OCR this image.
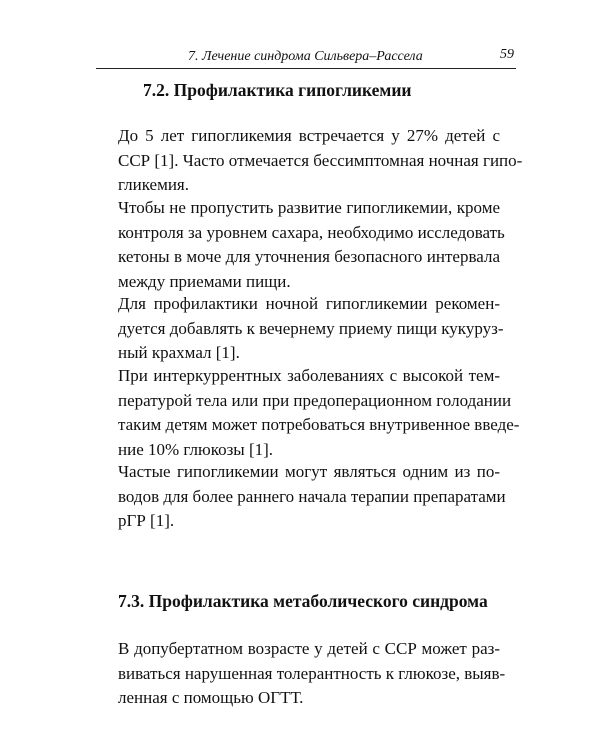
7. Лечение синдрома Сильвера–Рассела	59
7.2. Профилактика гипогликемии
До 5 лет гипогликемия встречается у 27% детей с
ССР [1]. Часто отмечается бессимптомная ночная гипо-
гликемия.
Чтобы не пропустить развитие гипогликемии, кроме
контроля за уровнем сахара, необходимо исследовать
кетоны в моче для уточнения безопасного интервала
между приемами пищи.
Для профилактики ночной гипогликемии рекомен-
дуется добавлять к вечернему приему пищи кукуруз-
ный крахмал [1].
При интеркуррентных заболеваниях с высокой тем-
пературой тела или при предоперационном голодании
таким детям может потребоваться внутривенное введе-
ние 10% глюкозы [1].
Частые гипогликемии могут являться одним из по-
водов для более раннего начала терапии препаратами
рГР [1].
7.3. Профилактика метаболического синдрома
В допубертатном возрасте у детей с ССР может раз-
виваться нарушенная толерантность к глюкозе, выяв-
ленная с помощью ОГТТ.
